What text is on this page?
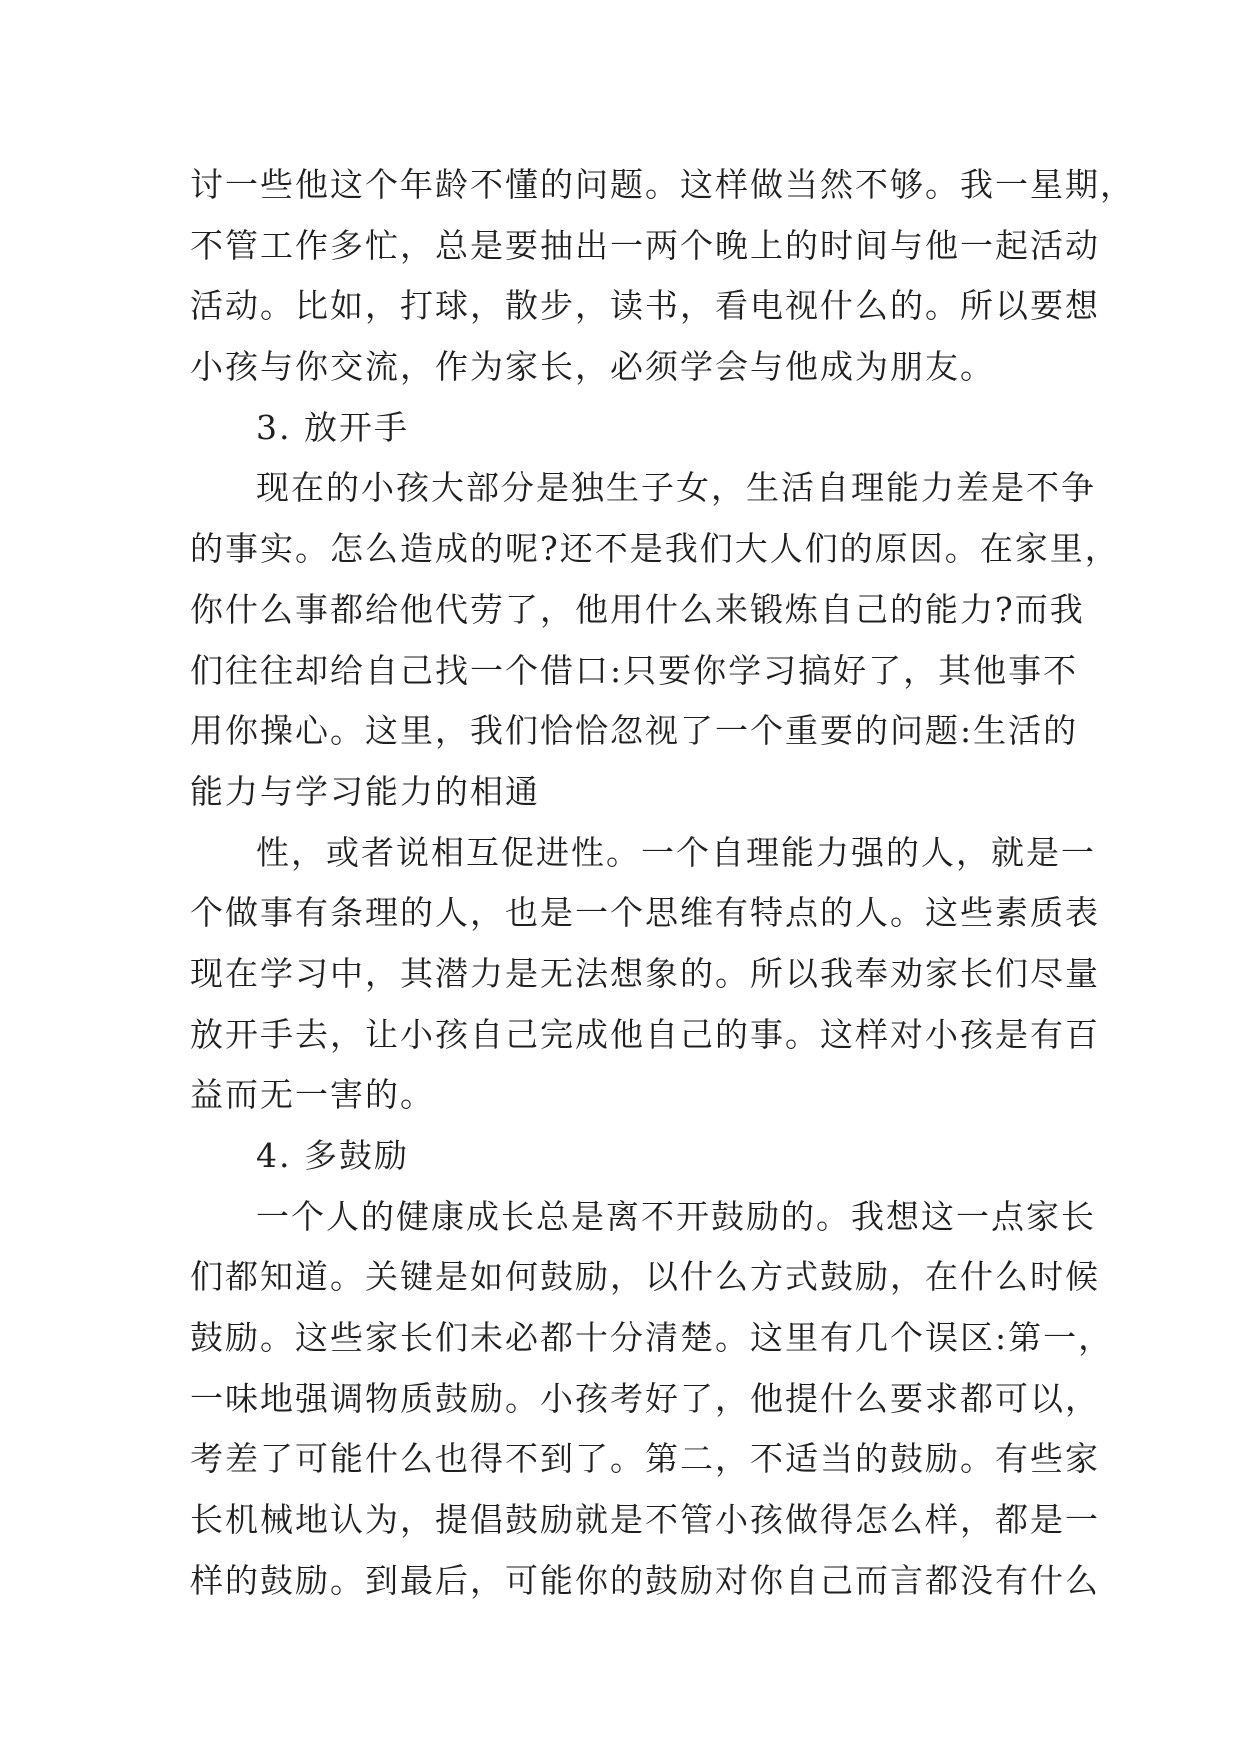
讨一些他这个年龄不懂的问题。这样做当然不够。我一星期，
不管工作多忙，总是要抽出一两个晚上的时间与他一起活动
活动。比如，打球，散步，读书，看电视什么的。所以要想
小孩与你交流，作为家长，必须学会与他成为朋友。
3. 放开手
现在的小孩大部分是独生子女，生活自理能力差是不争
的事实。怎么造成的呢?还不是我们大人们的原因。在家里，
你什么事都给他代劳了，他用什么来锻炼自己的能力?而我
们往往却给自己找一个借口:只要你学习搞好了，其他事不
用你操心。这里，我们恰恰忽视了一个重要的问题:生活的
能力与学习能力的相通
性，或者说相互促进性。一个自理能力强的人，就是一
个做事有条理的人，也是一个思维有特点的人。这些素质表
现在学习中，其潜力是无法想象的。所以我奉劝家长们尽量
放开手去，让小孩自己完成他自己的事。这样对小孩是有百
益而无一害的。
4. 多鼓励
一个人的健康成长总是离不开鼓励的。我想这一点家长
们都知道。关键是如何鼓励，以什么方式鼓励，在什么时候
鼓励。这些家长们未必都十分清楚。这里有几个误区:第一，
一味地强调物质鼓励。小孩考好了，他提什么要求都可以，
考差了可能什么也得不到了。第二，不适当的鼓励。有些家
长机械地认为，提倡鼓励就是不管小孩做得怎么样，都是一
样的鼓励。到最后，可能你的鼓励对你自己而言都没有什么
